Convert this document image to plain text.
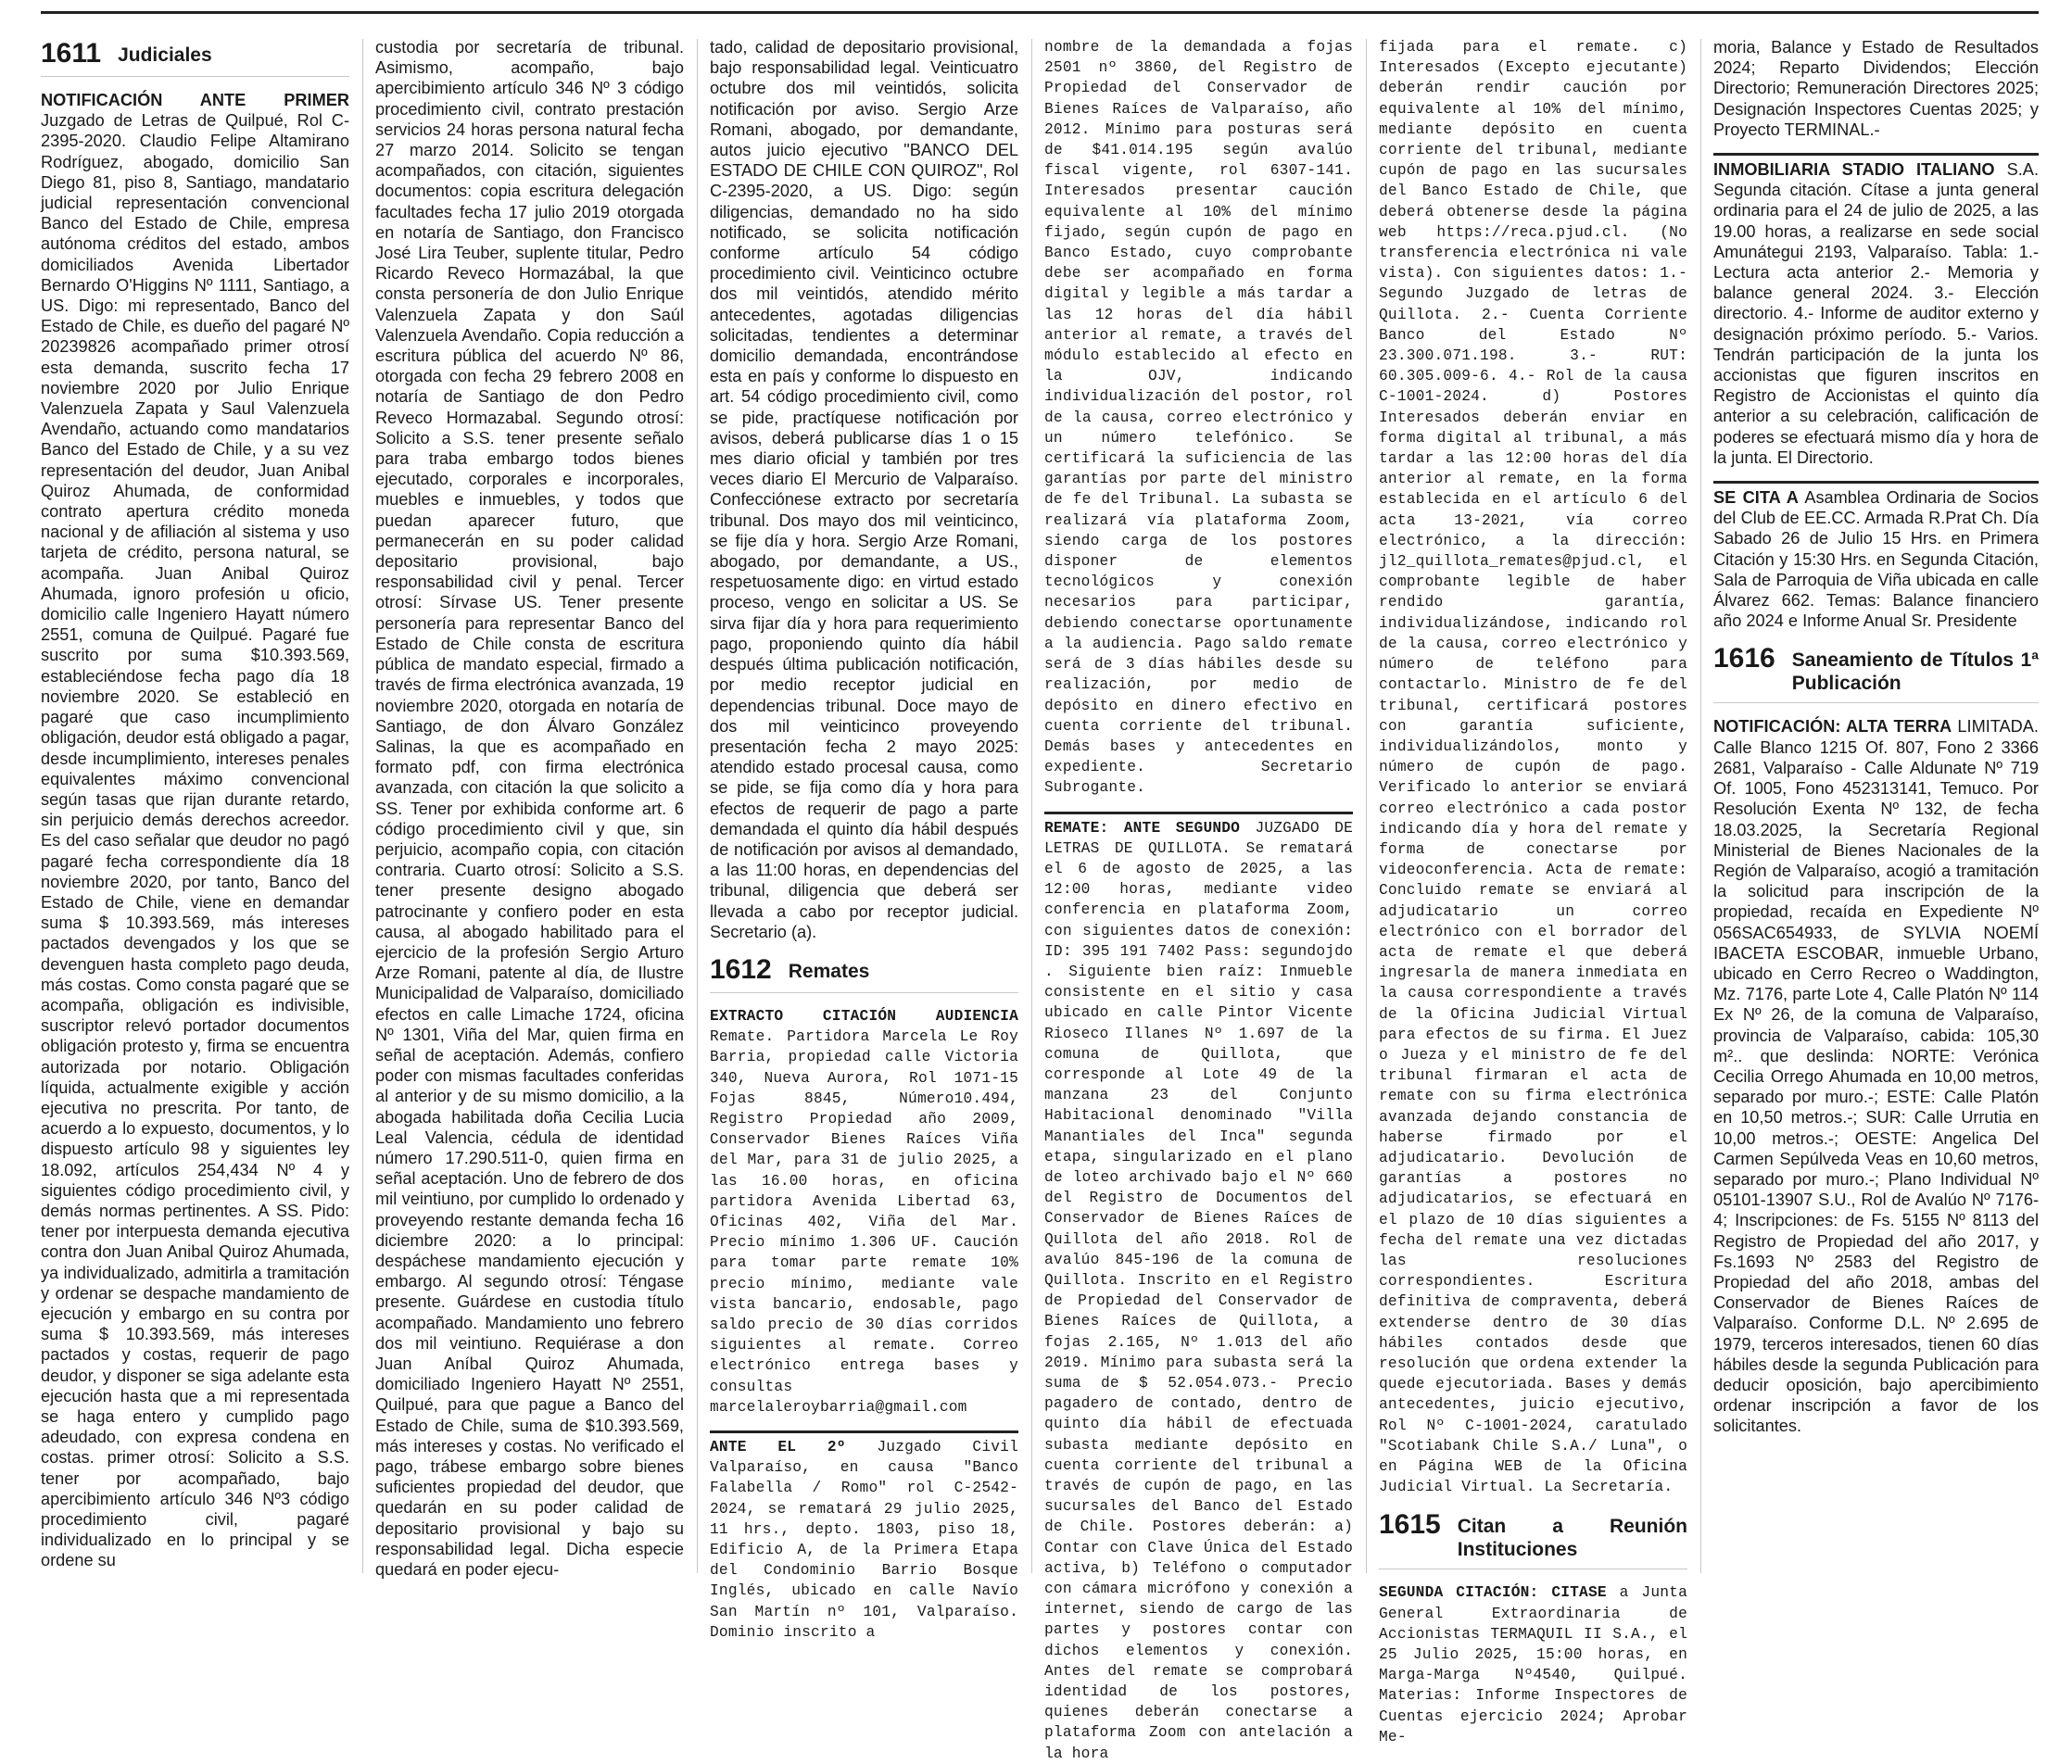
1611 Judiciales

NOTIFICACIÓN ANTE PRIMER Juzgado de Letras de Quilpué, Rol C-2395-2020. Claudio Felipe Altamirano Rodríguez, abogado, domicilio San Diego 81, piso 8, Santiago, mandatario judicial representación convencional Banco del Estado de Chile, empresa autónoma créditos del estado, ambos domiciliados Avenida Libertador Bernardo O'Higgins Nº 1111, Santiago, a US. Digo: mi representado, Banco del Estado de Chile, es dueño del pagaré Nº 20239826 acompañado primer otrosí esta demanda, suscrito fecha 17 noviembre 2020 por Julio Enrique Valenzuela Zapata y Saul Valenzuela Avendaño, actuando como mandatarios Banco del Estado de Chile, y a su vez representación del deudor, Juan Anibal Quiroz Ahumada, de conformidad contrato apertura crédito moneda nacional y de afiliación al sistema y uso tarjeta de crédito, persona natural, se acompaña. Juan Anibal Quiroz Ahumada, ignoro profesión u oficio, domicilio calle Ingeniero Hayatt número 2551, comuna de Quilpué. Pagaré fue suscrito por suma $10.393.569, estableciéndose fecha pago día 18 noviembre 2020. Se estableció en pagaré que caso incumplimiento obligación, deudor está obligado a pagar, desde incumplimiento, intereses penales equivalentes máximo convencional según tasas que rijan durante retardo, sin perjuicio demás derechos acreedor. Es del caso señalar que deudor no pagó pagaré fecha correspondiente día 18 noviembre 2020, por tanto, Banco del Estado de Chile, viene en demandar suma $ 10.393.569, más intereses pactados devengados y los que se devenguen hasta completo pago deuda, más costas. Como consta pagaré que se acompaña, obligación es indivisible, suscriptor relevó portador documentos obligación protesto y, firma se encuentra autorizada por notario. Obligación líquida, actualmente exigible y acción ejecutiva no prescrita. Por tanto, de acuerdo a lo expuesto, documentos, y lo dispuesto artículo 98 y siguientes ley 18.092, artículos 254,434 Nº 4 y siguientes código procedimiento civil, y demás normas pertinentes. A SS. Pido: tener por interpuesta demanda ejecutiva contra don Juan Anibal Quiroz Ahumada, ya individualizado, admitirla a tramitación y ordenar se despache mandamiento de ejecución y embargo en su contra por suma $ 10.393.569, más intereses pactados y costas, requerir de pago deudor, y disponer se siga adelante esta ejecución hasta que a mi representada se haga entero y cumplido pago adeudado, con expresa condena en costas. primer otrosí: Solicito a S.S. tener por acompañado, bajo apercibimiento artículo 346 Nº3 código procedimiento civil, pagaré individualizado en lo principal y se ordene su

custodia por secretaría de tribunal. Asimismo, acompaño, bajo apercibimiento artículo 346 Nº 3 código procedimiento civil, contrato prestación servicios 24 horas persona natural fecha 27 marzo 2014. Solicito se tengan acompañados, con citación, siguientes documentos: copia escritura delegación facultades fecha 17 julio 2019 otorgada en notaría de Santiago, don Francisco José Lira Teuber, suplente titular, Pedro Ricardo Reveco Hormazábal, la que consta personería de don Julio Enrique Valenzuela Zapata y don Saúl Valenzuela Avendaño. Copia reducción a escritura pública del acuerdo Nº 86, otorgada con fecha 29 febrero 2008 en notaría de Santiago de don Pedro Reveco Hormazabal. Segundo otrosí: Solicito a S.S. tener presente señalo para traba embargo todos bienes ejecutado, corporales e incorporales, muebles e inmuebles, y todos que puedan aparecer futuro, que permanecerán en su poder calidad depositario provisional, bajo responsabilidad civil y penal. Tercer otrosí: Sírvase US. Tener presente personería para representar Banco del Estado de Chile consta de escritura pública de mandato especial, firmado a través de firma electrónica avanzada, 19 noviembre 2020, otorgada en notaría de Santiago, de don Álvaro González Salinas, la que es acompañado en formato pdf, con firma electrónica avanzada, con citación la que solicito a SS. Tener por exhibida conforme art. 6 código procedimiento civil y que, sin perjuicio, acompaño copia, con citación contraria. Cuarto otrosí: Solicito a S.S. tener presente designo abogado patrocinante y confiero poder en esta causa, al abogado habilitado para el ejercicio de la profesión Sergio Arturo Arze Romani, patente al día, de Ilustre Municipalidad de Valparaíso, domiciliado efectos en calle Limache 1724, oficina Nº 1301, Viña del Mar, quien firma en señal de aceptación. Además, confiero poder con mismas facultades conferidas al anterior y de su mismo domicilio, a la abogada habilitada doña Cecilia Lucia Leal Valencia, cédula de identidad número 17.290.511-0, quien firma en señal aceptación. Uno de febrero de dos mil veintiuno, por cumplido lo ordenado y proveyendo restante demanda fecha 16 diciembre 2020: a lo principal: despáchese mandamiento ejecución y embargo. Al segundo otrosí: Téngase presente. Guárdese en custodia título acompañado. Mandamiento uno febrero dos mil veintiuno. Requiérase a don Juan Aníbal Quiroz Ahumada, domiciliado Ingeniero Hayatt Nº 2551, Quilpué, para que pague a Banco del Estado de Chile, suma de $10.393.569, más intereses y costas. No verificado el pago, trábese embargo sobre bienes suficientes propiedad del deudor, que quedarán en su poder calidad de depositario provisional y bajo su responsabilidad legal. Dicha especie quedará en poder ejecu-

tado, calidad de depositario provisional, bajo responsabilidad legal. Veinticuatro octubre dos mil veintidós, solicita notificación por aviso. Sergio Arze Romani, abogado, por demandante, autos juicio ejecutivo "BANCO DEL ESTADO DE CHILE CON QUIROZ", Rol C-2395-2020, a US. Digo: según diligencias, demandado no ha sido notificado, se solicita notificación conforme artículo 54 código procedimiento civil. Veinticinco octubre dos mil veintidós, atendido mérito antecedentes, agotadas diligencias solicitadas, tendientes a determinar domicilio demandada, encontrándose esta en país y conforme lo dispuesto en art. 54 código procedimiento civil, como se pide, practíquese notificación por avisos, deberá publicarse días 1 o 15 mes diario oficial y también por tres veces diario El Mercurio de Valparaíso. Confecciónese extracto por secretaría tribunal. Dos mayo dos mil veinticinco, se fije día y hora. Sergio Arze Romani, abogado, por demandante, a US., respetuosamente digo: en virtud estado proceso, vengo en solicitar a US. Se sirva fijar día y hora para requerimiento pago, proponiendo quinto día hábil después última publicación notificación, por medio receptor judicial en dependencias tribunal. Doce mayo de dos mil veinticinco proveyendo presentación fecha 2 mayo 2025: atendido estado procesal causa, como se pide, se fija como día y hora para efectos de requerir de pago a parte demandada el quinto día hábil después de notificación por avisos al demandado, a las 11:00 horas, en dependencias del tribunal, diligencia que deberá ser llevada a cabo por receptor judicial. Secretario (a).

1612 Remates

EXTRACTO CITACIÓN AUDIENCIA Remate. Partidora Marcela Le Roy Barria, propiedad calle Victoria 340, Nueva Aurora, Rol 1071-15 Fojas 8845, Número10.494, Registro Propiedad año 2009, Conservador Bienes Raíces Viña del Mar, para 31 de julio 2025, a las 16.00 horas, en oficina partidora Avenida Libertad 63, Oficinas 402, Viña del Mar. Precio mínimo 1.306 UF. Caución para tomar parte remate 10% precio mínimo, mediante vale vista bancario, endosable, pago saldo precio de 30 días corridos siguientes al remate. Correo electrónico entrega bases y consultas marcelaleroybarria@gmail.com

ANTE EL 2º Juzgado Civil Valparaíso, en causa "Banco Falabella / Romo" rol C-2542-2024, se rematará 29 julio 2025, 11 hrs., depto. 1803, piso 18, Edificio A, de la Primera Etapa del Condominio Barrio Bosque Inglés, ubicado en calle Navío San Martín nº 101, Valparaíso. Dominio inscrito a

nombre de la demandada a fojas 2501 nº 3860, del Registro de Propiedad del Conservador de Bienes Raíces de Valparaíso, año 2012. Mínimo para posturas será de $41.014.195 según avalúo fiscal vigente, rol 6307-141. Interesados presentar caución equivalente al 10% del mínimo fijado, según cupón de pago en Banco Estado, cuyo comprobante debe ser acompañado en forma digital y legible a más tardar a las 12 horas del día hábil anterior al remate, a través del módulo establecido al efecto en la OJV, indicando individualización del postor, rol de la causa, correo electrónico y un número telefónico. Se certificará la suficiencia de las garantías por parte del ministro de fe del Tribunal. La subasta se realizará vía plataforma Zoom, siendo carga de los postores disponer de elementos tecnológicos y conexión necesarios para participar, debiendo conectarse oportunamente a la audiencia. Pago saldo remate será de 3 días hábiles desde su realización, por medio de depósito en dinero efectivo en cuenta corriente del tribunal. Demás bases y antecedentes en expediente. Secretario Subrogante.

REMATE: ANTE SEGUNDO JUZGADO DE LETRAS DE QUILLOTA. Se rematará el 6 de agosto de 2025, a las 12:00 horas, mediante video conferencia en plataforma Zoom, con siguientes datos de conexión: ID: 395 191 7402 Pass: segundojdo . Siguiente bien raíz: Inmueble consistente en el sitio y casa ubicado en calle Pintor Vicente Rioseco Illanes Nº 1.697 de la comuna de Quillota, que corresponde al Lote 49 de la manzana 23 del Conjunto Habitacional denominado "Villa Manantiales del Inca" segunda etapa, singularizado en el plano de loteo archivado bajo el Nº 660 del Registro de Documentos del Conservador de Bienes Raíces de Quillota del año 2018. Rol de avalúo 845-196 de la comuna de Quillota. Inscrito en el Registro de Propiedad del Conservador de Bienes Raíces de Quillota, a fojas 2.165, Nº 1.013 del año 2019. Mínimo para subasta será la suma de $ 52.054.073.- Precio pagadero de contado, dentro de quinto día hábil de efectuada subasta mediante depósito en cuenta corriente del tribunal a través de cupón de pago, en las sucursales del Banco del Estado de Chile. Postores deberán: a) Contar con Clave Única del Estado activa, b) Teléfono o computador con cámara micrófono y conexión a internet, siendo de cargo de las partes y postores contar con dichos elementos y conexión. Antes del remate se comprobará identidad de los postores, quienes deberán conectarse a plataforma Zoom con antelación a la hora

fijada para el remate. c) Interesados (Excepto ejecutante) deberán rendir caución por equivalente al 10% del mínimo, mediante depósito en cuenta corriente del tribunal, mediante cupón de pago en las sucursales del Banco Estado de Chile, que deberá obtenerse desde la página web https://reca.pjud.cl. (No transferencia electrónica ni vale vista). Con siguientes datos: 1.- Segundo Juzgado de letras de Quillota. 2.- Cuenta Corriente Banco del Estado Nº 23.300.071.198. 3.- RUT: 60.305.009-6. 4.- Rol de la causa C-1001-2024. d) Postores Interesados deberán enviar en forma digital al tribunal, a más tardar a las 12:00 horas del día anterior al remate, en la forma establecida en el artículo 6 del acta 13-2021, vía correo electrónico, a la dirección: jl2_quillota_remates@pjud.cl, el comprobante legible de haber rendido garantía, individualizándose, indicando rol de la causa, correo electrónico y número de teléfono para contactarlo. Ministro de fe del tribunal, certificará postores con garantía suficiente, individualizándolos, monto y número de cupón de pago. Verificado lo anterior se enviará correo electrónico a cada postor indicando día y hora del remate y forma de conectarse por videoconferencia. Acta de remate: Concluido remate se enviará al adjudicatario un correo electrónico con el borrador del acta de remate el que deberá ingresarla de manera inmediata en la causa correspondiente a través de la Oficina Judicial Virtual para efectos de su firma. El Juez o Jueza y el ministro de fe del tribunal firmaran el acta de remate con su firma electrónica avanzada dejando constancia de haberse firmado por el adjudicatario. Devolución de garantías a postores no adjudicatarios, se efectuará en el plazo de 10 días siguientes a fecha del remate una vez dictadas las resoluciones correspondientes. Escritura definitiva de compraventa, deberá extenderse dentro de 30 días hábiles contados desde que resolución que ordena extender la quede ejecutoriada. Bases y demás antecedentes, juicio ejecutivo, Rol Nº C-1001-2024, caratulado "Scotiabank Chile S.A./ Luna", o en Página WEB de la Oficina Judicial Virtual. La Secretaría.

1615 Citan a Reunión Instituciones

SEGUNDA CITACIÓN: CITASE a Junta General Extraordinaria de Accionistas TERMAQUIL II S.A., el 25 Julio 2025, 15:00 horas, en Marga-Marga Nº4540, Quilpué. Materias: Informe Inspectores de Cuentas ejercicio 2024; Aprobar Me-

moria, Balance y Estado de Resultados 2024; Reparto Dividendos; Elección Directorio; Remuneración Directores 2025; Designación Inspectores Cuentas 2025; y Proyecto TERMINAL.-

INMOBILIARIA STADIO ITALIANO S.A. Segunda citación. Cítase a junta general ordinaria para el 24 de julio de 2025, a las 19.00 horas, a realizarse en sede social Amunátegui 2193, Valparaíso. Tabla: 1.- Lectura acta anterior 2.- Memoria y balance general 2024. 3.- Elección directorio. 4.- Informe de auditor externo y designación próximo período. 5.- Varios. Tendrán participación de la junta los accionistas que figuren inscritos en Registro de Accionistas el quinto día anterior a su celebración, calificación de poderes se efectuará mismo día y hora de la junta. El Directorio.

SE CITA A Asamblea Ordinaria de Socios del Club de EE.CC. Armada R.Prat Ch. Día Sabado 26 de Julio 15 Hrs. en Primera Citación y 15:30 Hrs. en Segunda Citación, Sala de Parroquia de Viña ubicada en calle Álvarez 662. Temas: Balance financiero año 2024 e Informe Anual Sr. Presidente

1616 Saneamiento de Títulos 1ª Publicación

NOTIFICACIÓN: ALTA TERRA LIMITADA. Calle Blanco 1215 Of. 807, Fono 2 3366 2681, Valparaíso - Calle Aldunate Nº 719 Of. 1005, Fono 452313141, Temuco. Por Resolución Exenta Nº 132, de fecha 18.03.2025, la Secretaría Regional Ministerial de Bienes Nacionales de la Región de Valparaíso, acogió a tramitación la solicitud para inscripción de la propiedad, recaída en Expediente Nº 056SAC654933, de SYLVIA NOEMÍ IBACETA ESCOBAR, inmueble Urbano, ubicado en Cerro Recreo o Waddington, Mz. 7176, parte Lote 4, Calle Platón Nº 114 Ex Nº 26, de la comuna de Valparaíso, provincia de Valparaíso, cabida: 105,30 m².. que deslinda: NORTE: Verónica Cecilia Orrego Ahumada en 10,00 metros, separado por muro.-; ESTE: Calle Platón en 10,50 metros.-; SUR: Calle Urrutia en 10,00 metros.-; OESTE: Angelica Del Carmen Sepúlveda Veas en 10,60 metros, separado por muro.-; Plano Individual Nº 05101-13907 S.U., Rol de Avalúo Nº 7176-4; Inscripciones: de Fs. 5155 Nº 8113 del Registro de Propiedad del año 2017, y Fs.1693 Nº 2583 del Registro de Propiedad del año 2018, ambas del Conservador de Bienes Raíces de Valparaíso. Conforme D.L. Nº 2.695 de 1979, terceros interesados, tienen 60 días hábiles desde la segunda Publicación para deducir oposición, bajo apercibimiento ordenar inscripción a favor de los solicitantes.
